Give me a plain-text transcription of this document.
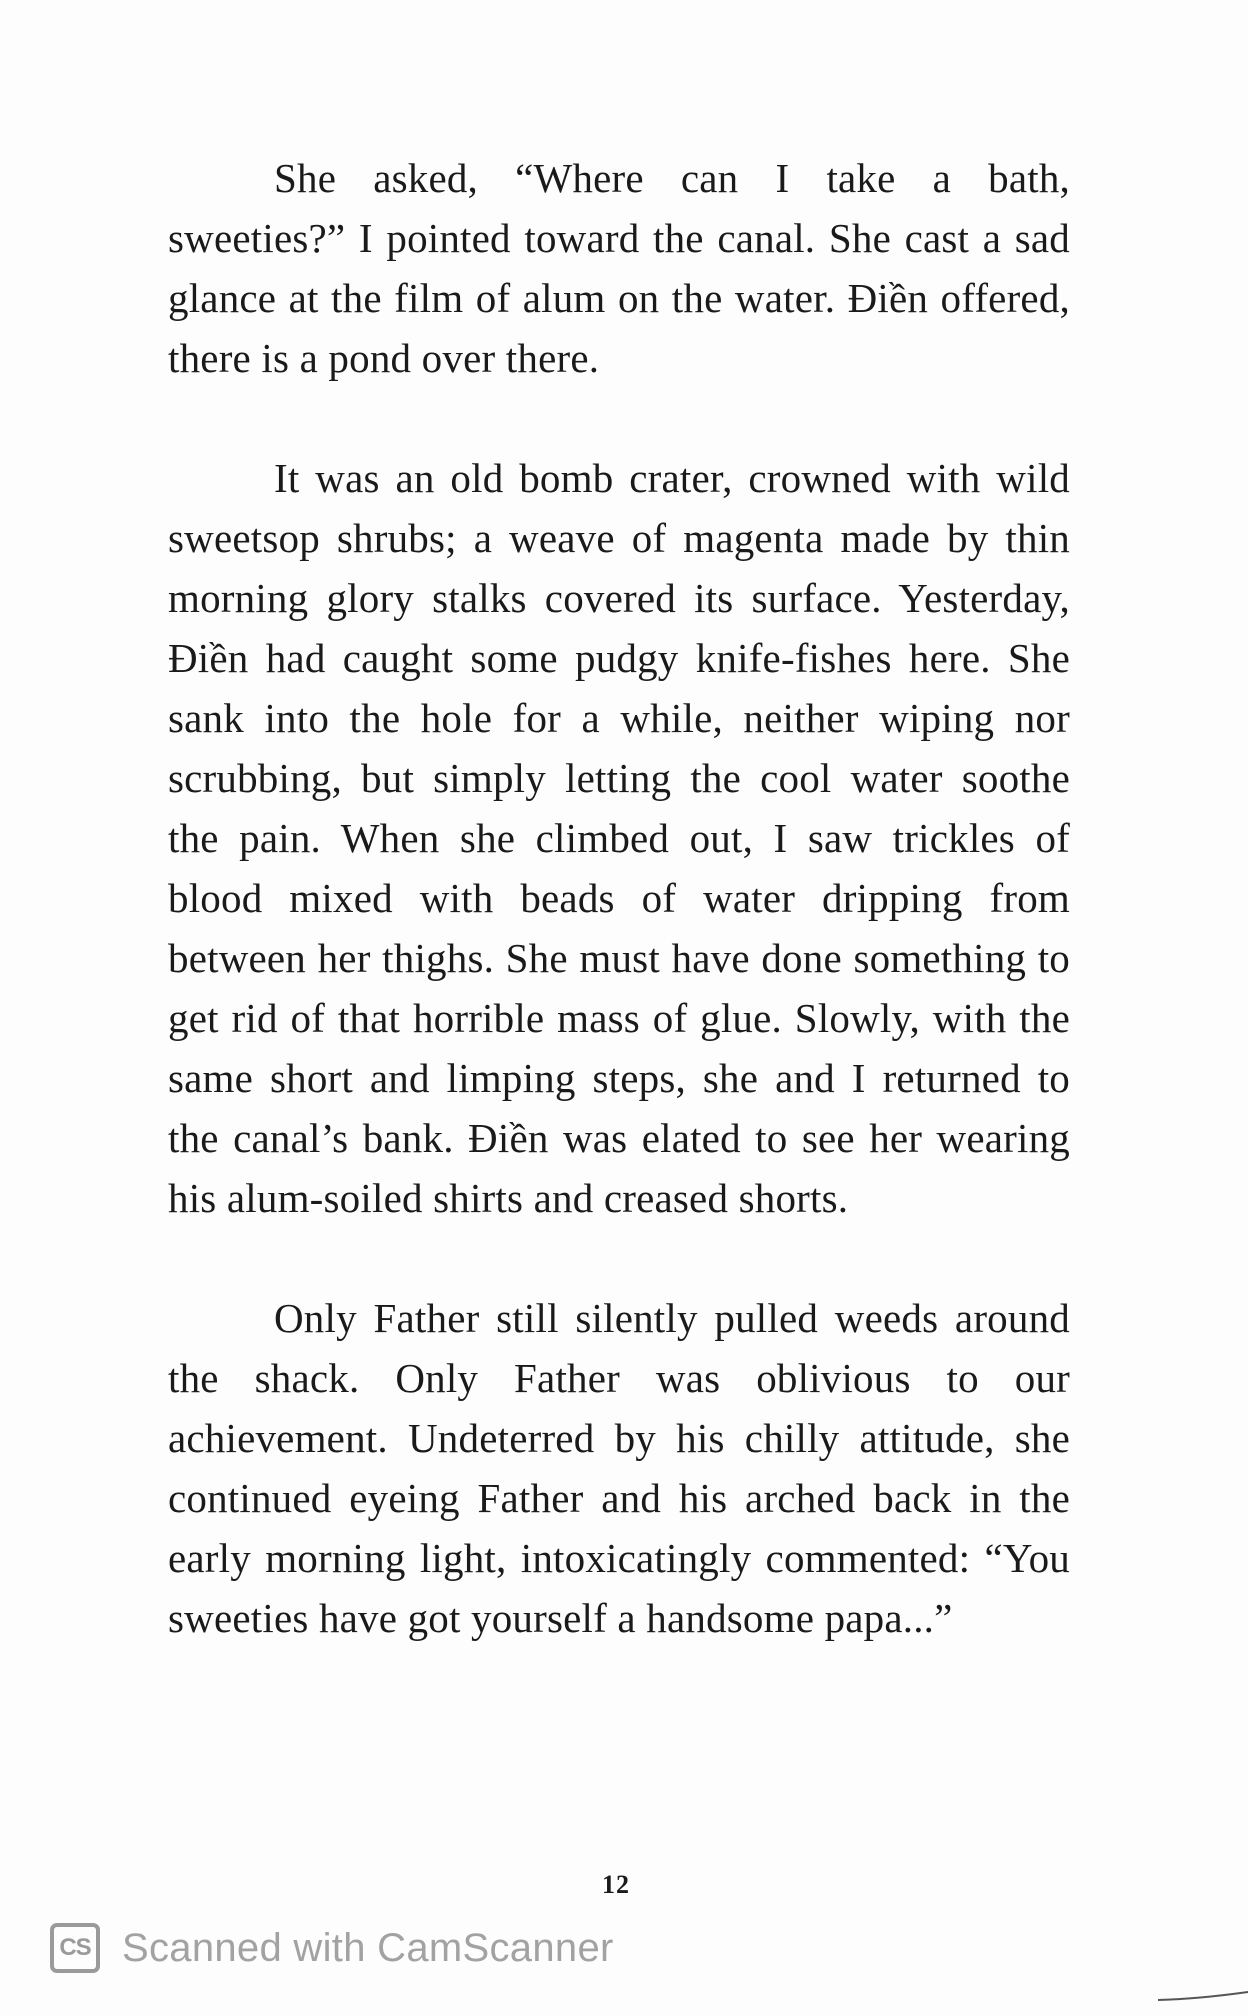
She asked, “Where can I take a bath, sweeties?” I pointed toward the canal. She cast a sad glance at the film of alum on the water. Điền offered, there is a pond over there.

It was an old bomb crater, crowned with wild sweetsop shrubs; a weave of magenta made by thin morning glory stalks covered its surface. Yesterday, Điền had caught some pudgy knife-fishes here. She sank into the hole for a while, neither wiping nor scrubbing, but simply letting the cool water soothe the pain. When she climbed out, I saw trickles of blood mixed with beads of water dripping from between her thighs. She must have done something to get rid of that horrible mass of glue. Slowly, with the same short and limping steps, she and I returned to the canal’s bank. Điền was elated to see her wearing his alum-soiled shirts and creased shorts.

Only Father still silently pulled weeds around the shack. Only Father was oblivious to our achievement. Undeterred by his chilly attitude, she continued eyeing Father and his arched back in the early morning light, intoxicatingly commented: “You sweeties have got yourself a handsome papa...”

12
CS Scanned with CamScanner
